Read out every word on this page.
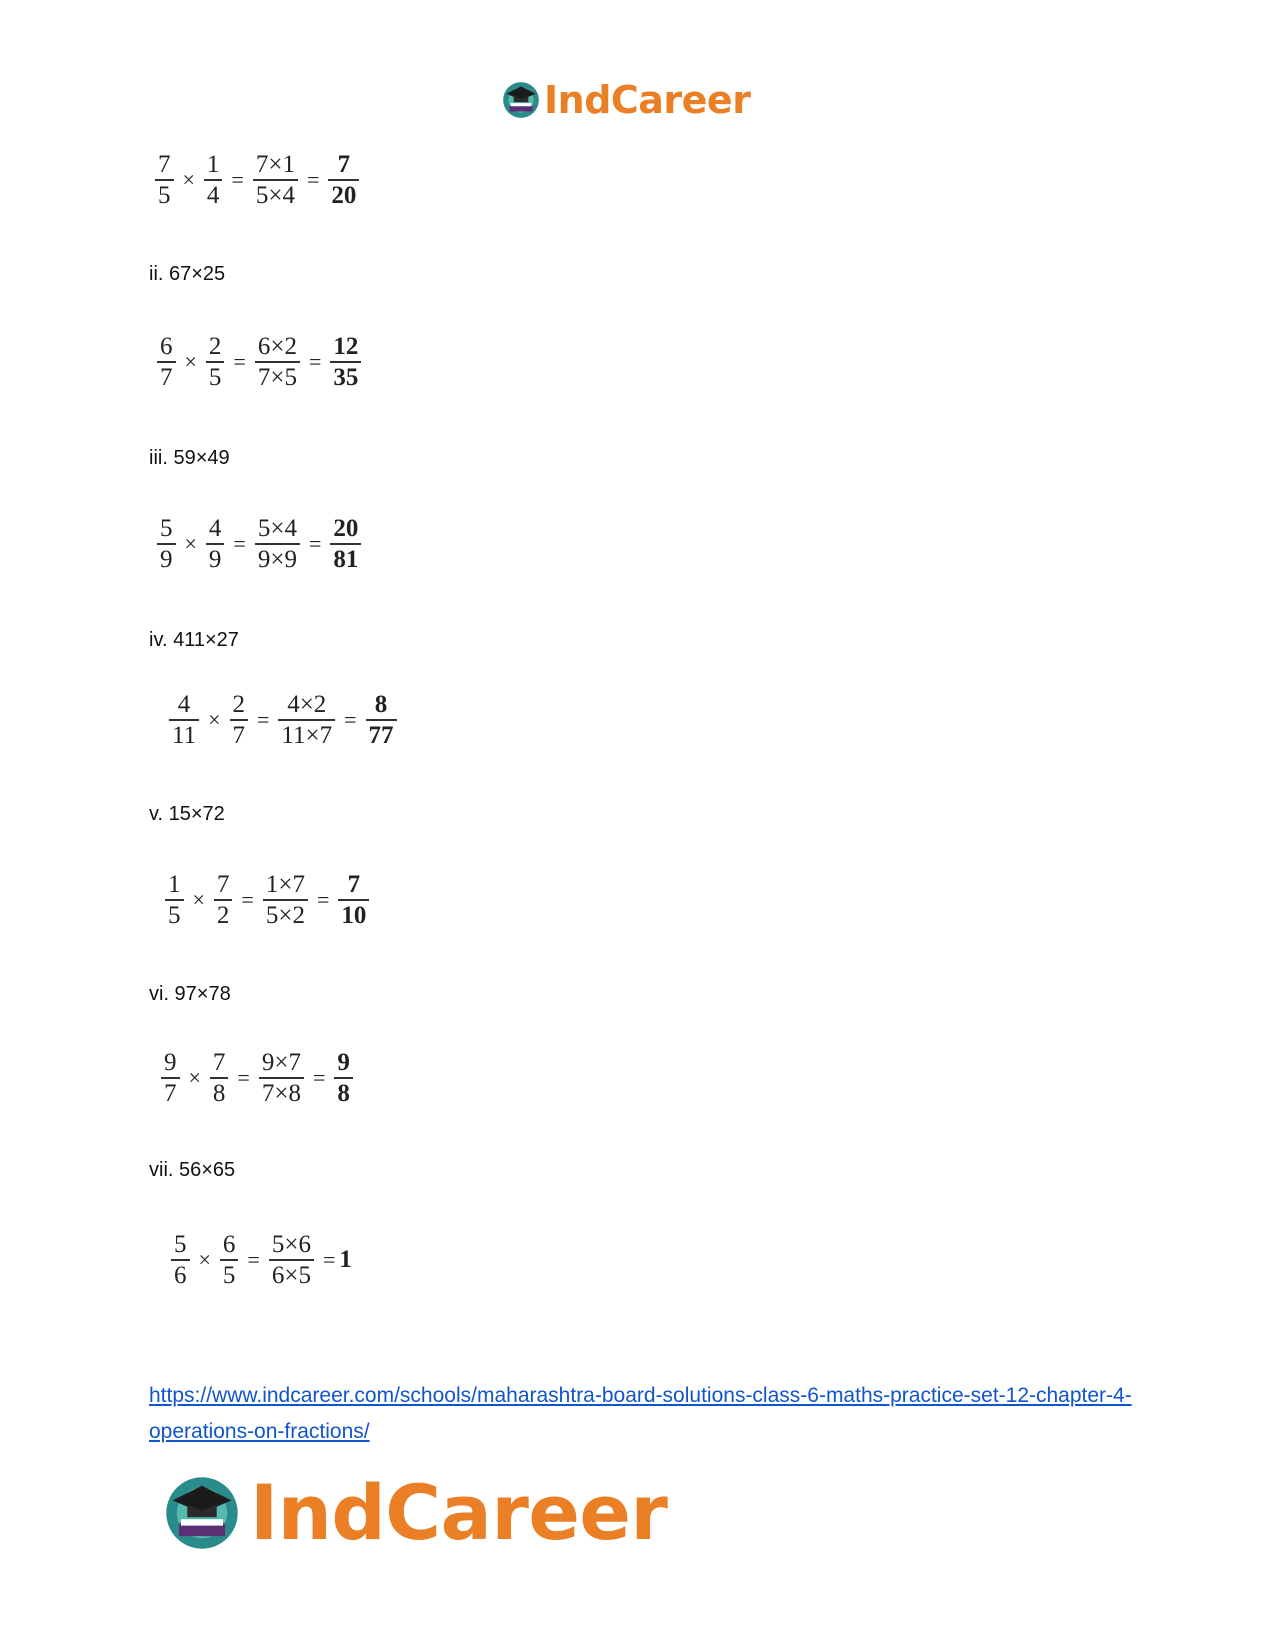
IndCareer
$\frac{7}{5} \times \frac{1}{4} = \frac{7\times 1}{5\times 4} = \frac{7}{20}$
ii. 67×25
$\frac{6}{7} \times \frac{2}{5} = \frac{6\times 2}{7\times 5} = \frac{12}{35}$
iii. 59×49
$\frac{5}{9} \times \frac{4}{9} = \frac{5\times 4}{9\times 9} = \frac{20}{81}$
iv. 411×27
$\frac{4}{11} \times \frac{2}{7} = \frac{4\times 2}{11\times 7} = \frac{8}{77}$
v. 15×72
$\frac{1}{5} \times \frac{7}{2} = \frac{1\times 7}{5\times 2} = \frac{7}{10}$
vi. 97×78
$\frac{9}{7} \times \frac{7}{8} = \frac{9\times 7}{7\times 8} = \frac{9}{8}$
vii. 56×65
$\frac{5}{6} \times \frac{6}{5} = \frac{5\times 6}{6\times 5} = 1$
https://www.indcareer.com/schools/maharashtra-board-solutions-class-6-maths-practice-set-12-chapter-4-operations-on-fractions/
IndCareer
